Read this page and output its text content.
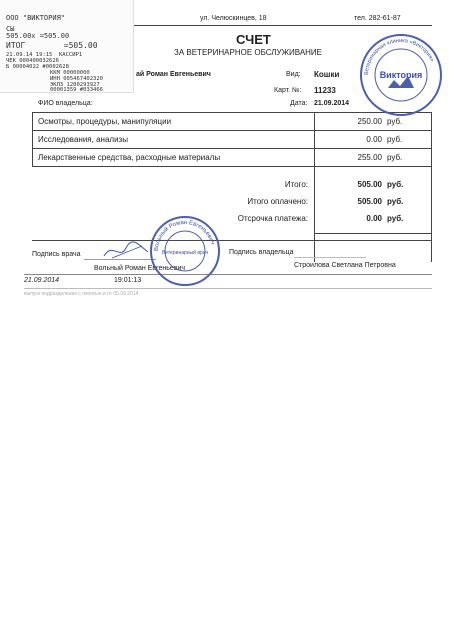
ул. Челюскинцев, 18	тел. 282-61-87
СЧЕТ
ЗА ВЕТЕРИНАРНОЕ ОБСЛУЖИВАНИЕ
ай Роман Евгеньевич	Вид: Кошки
Карт. №: 11233
ФИО владельца:	Дата: 21.09.2014
Осмотры, процедуры, манипуляции	250.00 руб.
Исследования, анализы	0.00 руб.
Лекарственные средства, расходные материалы	255.00 руб.
Итого:	505.00 руб.
Итого оплачено:	505.00 руб.
Отсрочка платежа:	0.00 руб.
Подпись врача	Подпись владельца
Вольный Роман Евгеньевич	Строилова Светлана Петровна
21.09.2014	19:01:13
выпуск подразделения с печатью и от 05.09.2014
Ветеринарная клиника «Виктория»
Виктория
Вольный Роман Евгеньевич
Ветеринарный врач
ООО "ВИКТОРИЯ"
СЫ
505.00х =505.00
ИТОГ        =505.00
21.09.14 19:15  КАССИР1
ЧЕК 000400032626
Б 00004022 #0002628
ККМ 00000000
ИНН 005467402320
ЭКЛЗ 1200293927
00001359 #033466
